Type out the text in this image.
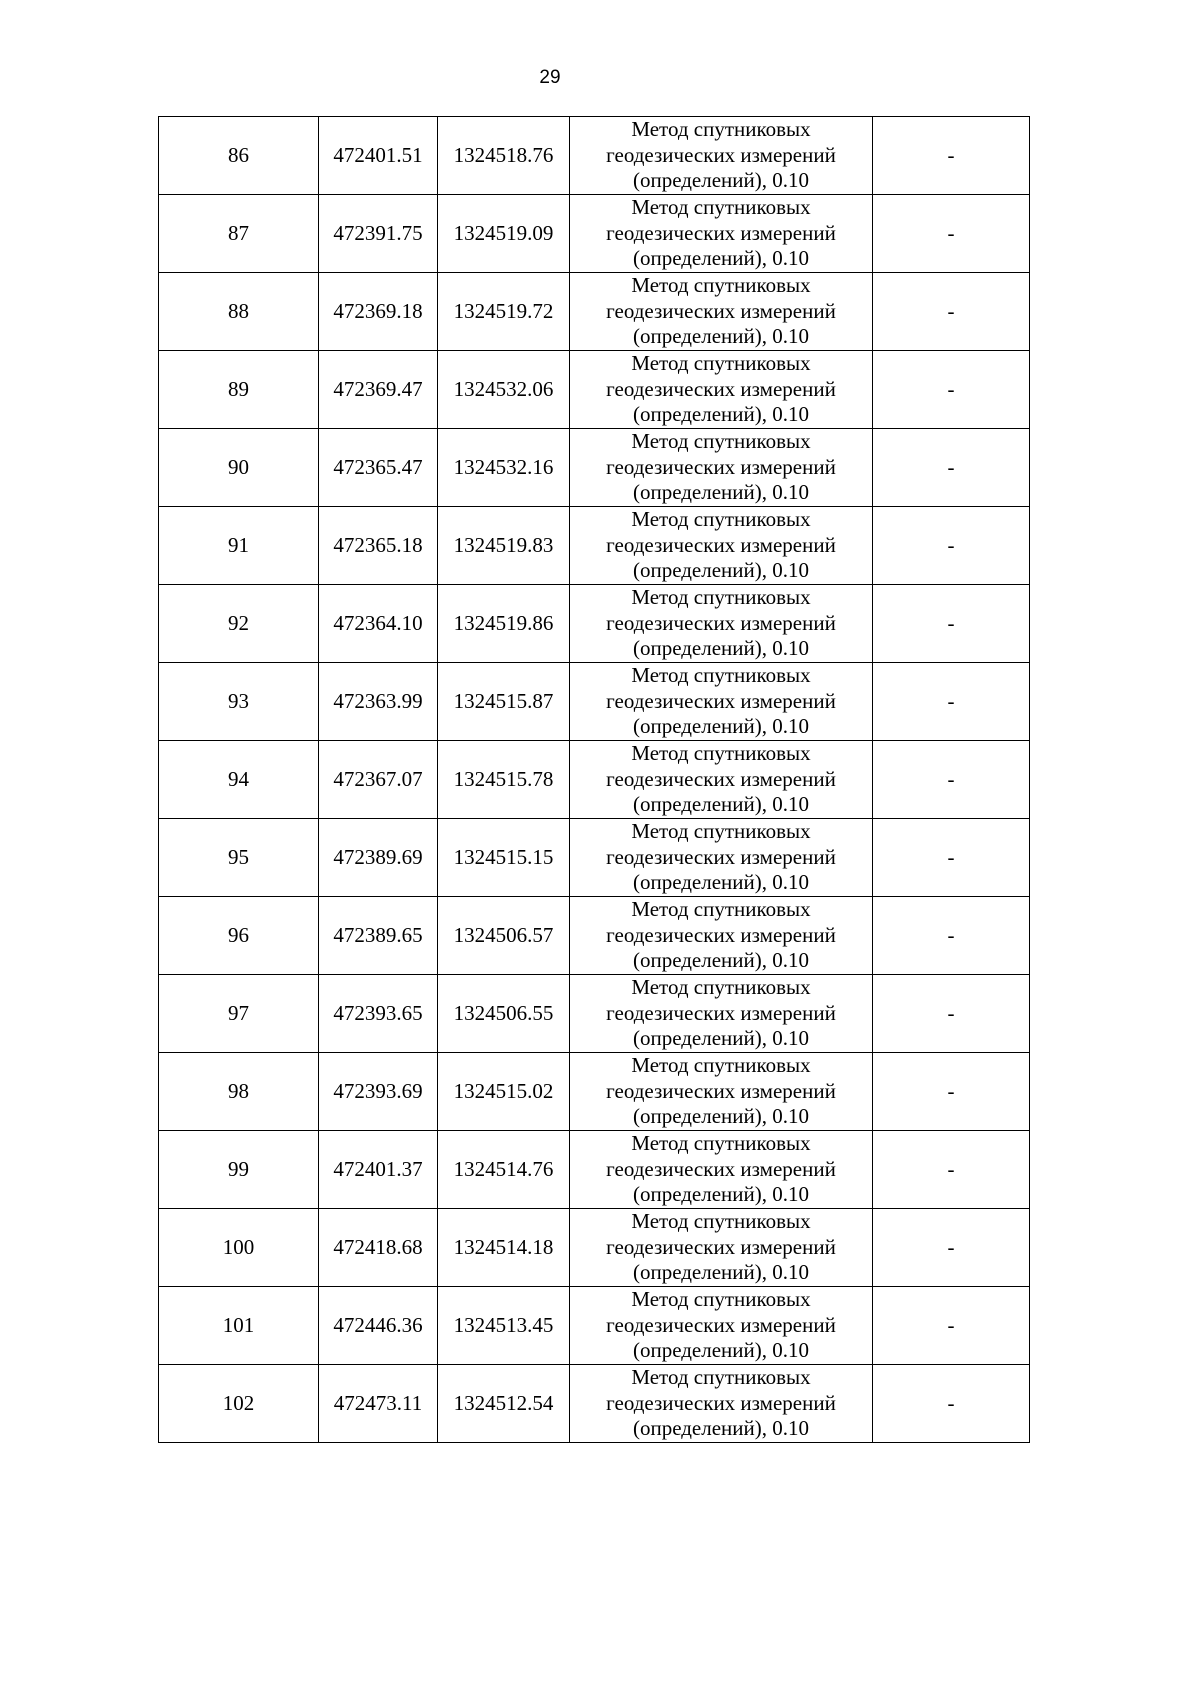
29
86	472401.51	1324518.76	Метод спутниковых
геодезических измерений
(определений), 0.10	-
87	472391.75	1324519.09	Метод спутниковых
геодезических измерений
(определений), 0.10	-
88	472369.18	1324519.72	Метод спутниковых
геодезических измерений
(определений), 0.10	-
89	472369.47	1324532.06	Метод спутниковых
геодезических измерений
(определений), 0.10	-
90	472365.47	1324532.16	Метод спутниковых
геодезических измерений
(определений), 0.10	-
91	472365.18	1324519.83	Метод спутниковых
геодезических измерений
(определений), 0.10	-
92	472364.10	1324519.86	Метод спутниковых
геодезических измерений
(определений), 0.10	-
93	472363.99	1324515.87	Метод спутниковых
геодезических измерений
(определений), 0.10	-
94	472367.07	1324515.78	Метод спутниковых
геодезических измерений
(определений), 0.10	-
95	472389.69	1324515.15	Метод спутниковых
геодезических измерений
(определений), 0.10	-
96	472389.65	1324506.57	Метод спутниковых
геодезических измерений
(определений), 0.10	-
97	472393.65	1324506.55	Метод спутниковых
геодезических измерений
(определений), 0.10	-
98	472393.69	1324515.02	Метод спутниковых
геодезических измерений
(определений), 0.10	-
99	472401.37	1324514.76	Метод спутниковых
геодезических измерений
(определений), 0.10	-
100	472418.68	1324514.18	Метод спутниковых
геодезических измерений
(определений), 0.10	-
101	472446.36	1324513.45	Метод спутниковых
геодезических измерений
(определений), 0.10	-
102	472473.11	1324512.54	Метод спутниковых
геодезических измерений
(определений), 0.10	-
